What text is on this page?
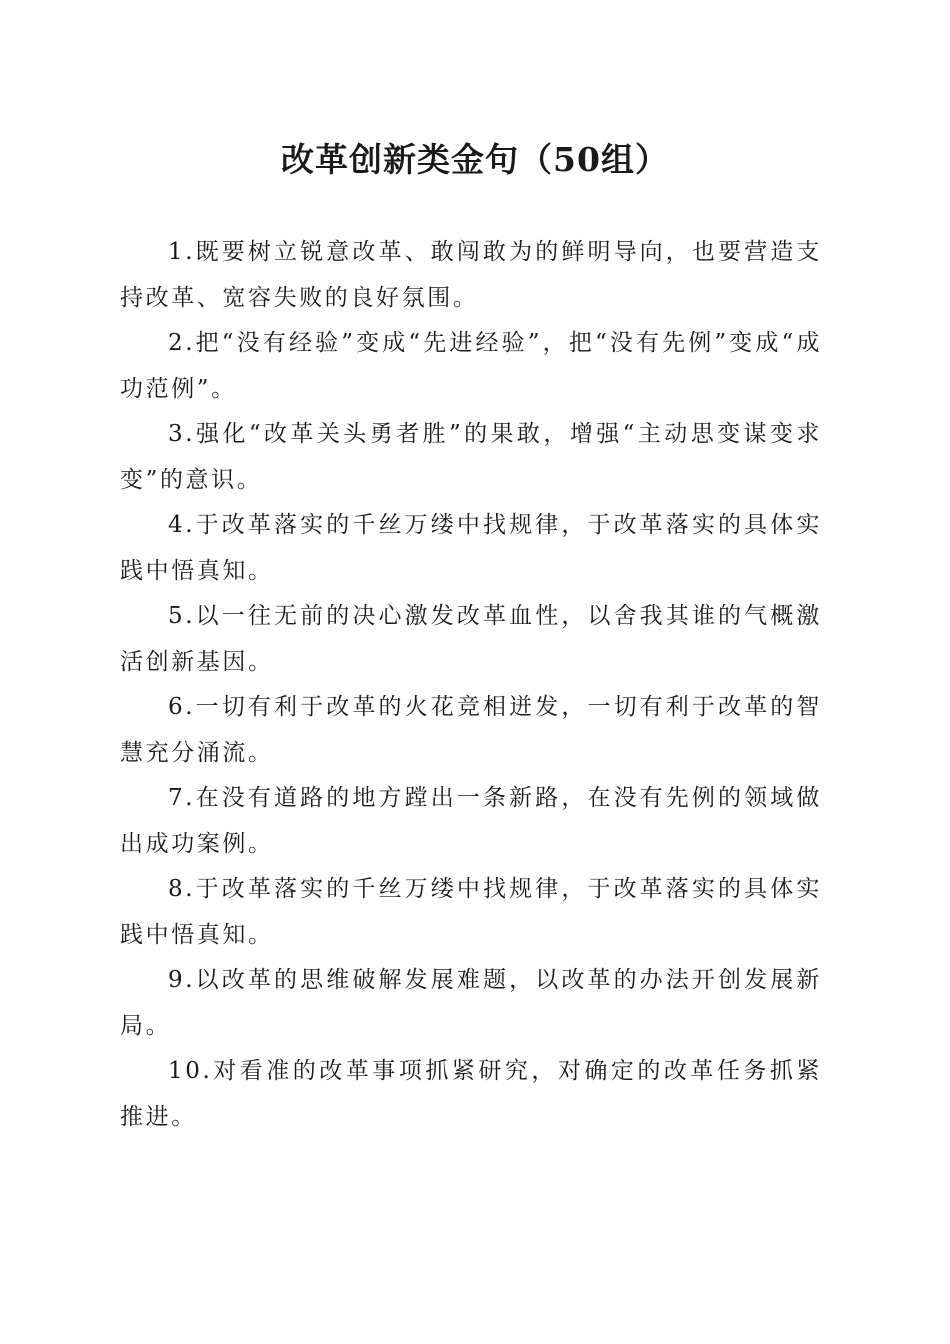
改革创新类金句（50组）
1.既要树立锐意改革、敢闯敢为的鲜明导向，也要营造支持改革、宽容失败的良好氛围。
2.把“没有经验”变成“先进经验”，把“没有先例”变成“成功范例”。
3.强化“改革关头勇者胜”的果敢，增强“主动思变谋变求变”的意识。
4.于改革落实的千丝万缕中找规律，于改革落实的具体实践中悟真知。
5.以一往无前的决心激发改革血性，以舍我其谁的气概激活创新基因。
6.一切有利于改革的火花竞相迸发，一切有利于改革的智慧充分涌流。
7.在没有道路的地方蹚出一条新路，在没有先例的领域做出成功案例。
8.于改革落实的千丝万缕中找规律，于改革落实的具体实践中悟真知。
9.以改革的思维破解发展难题，以改革的办法开创发展新局。
10.对看准的改革事项抓紧研究，对确定的改革任务抓紧推进。
